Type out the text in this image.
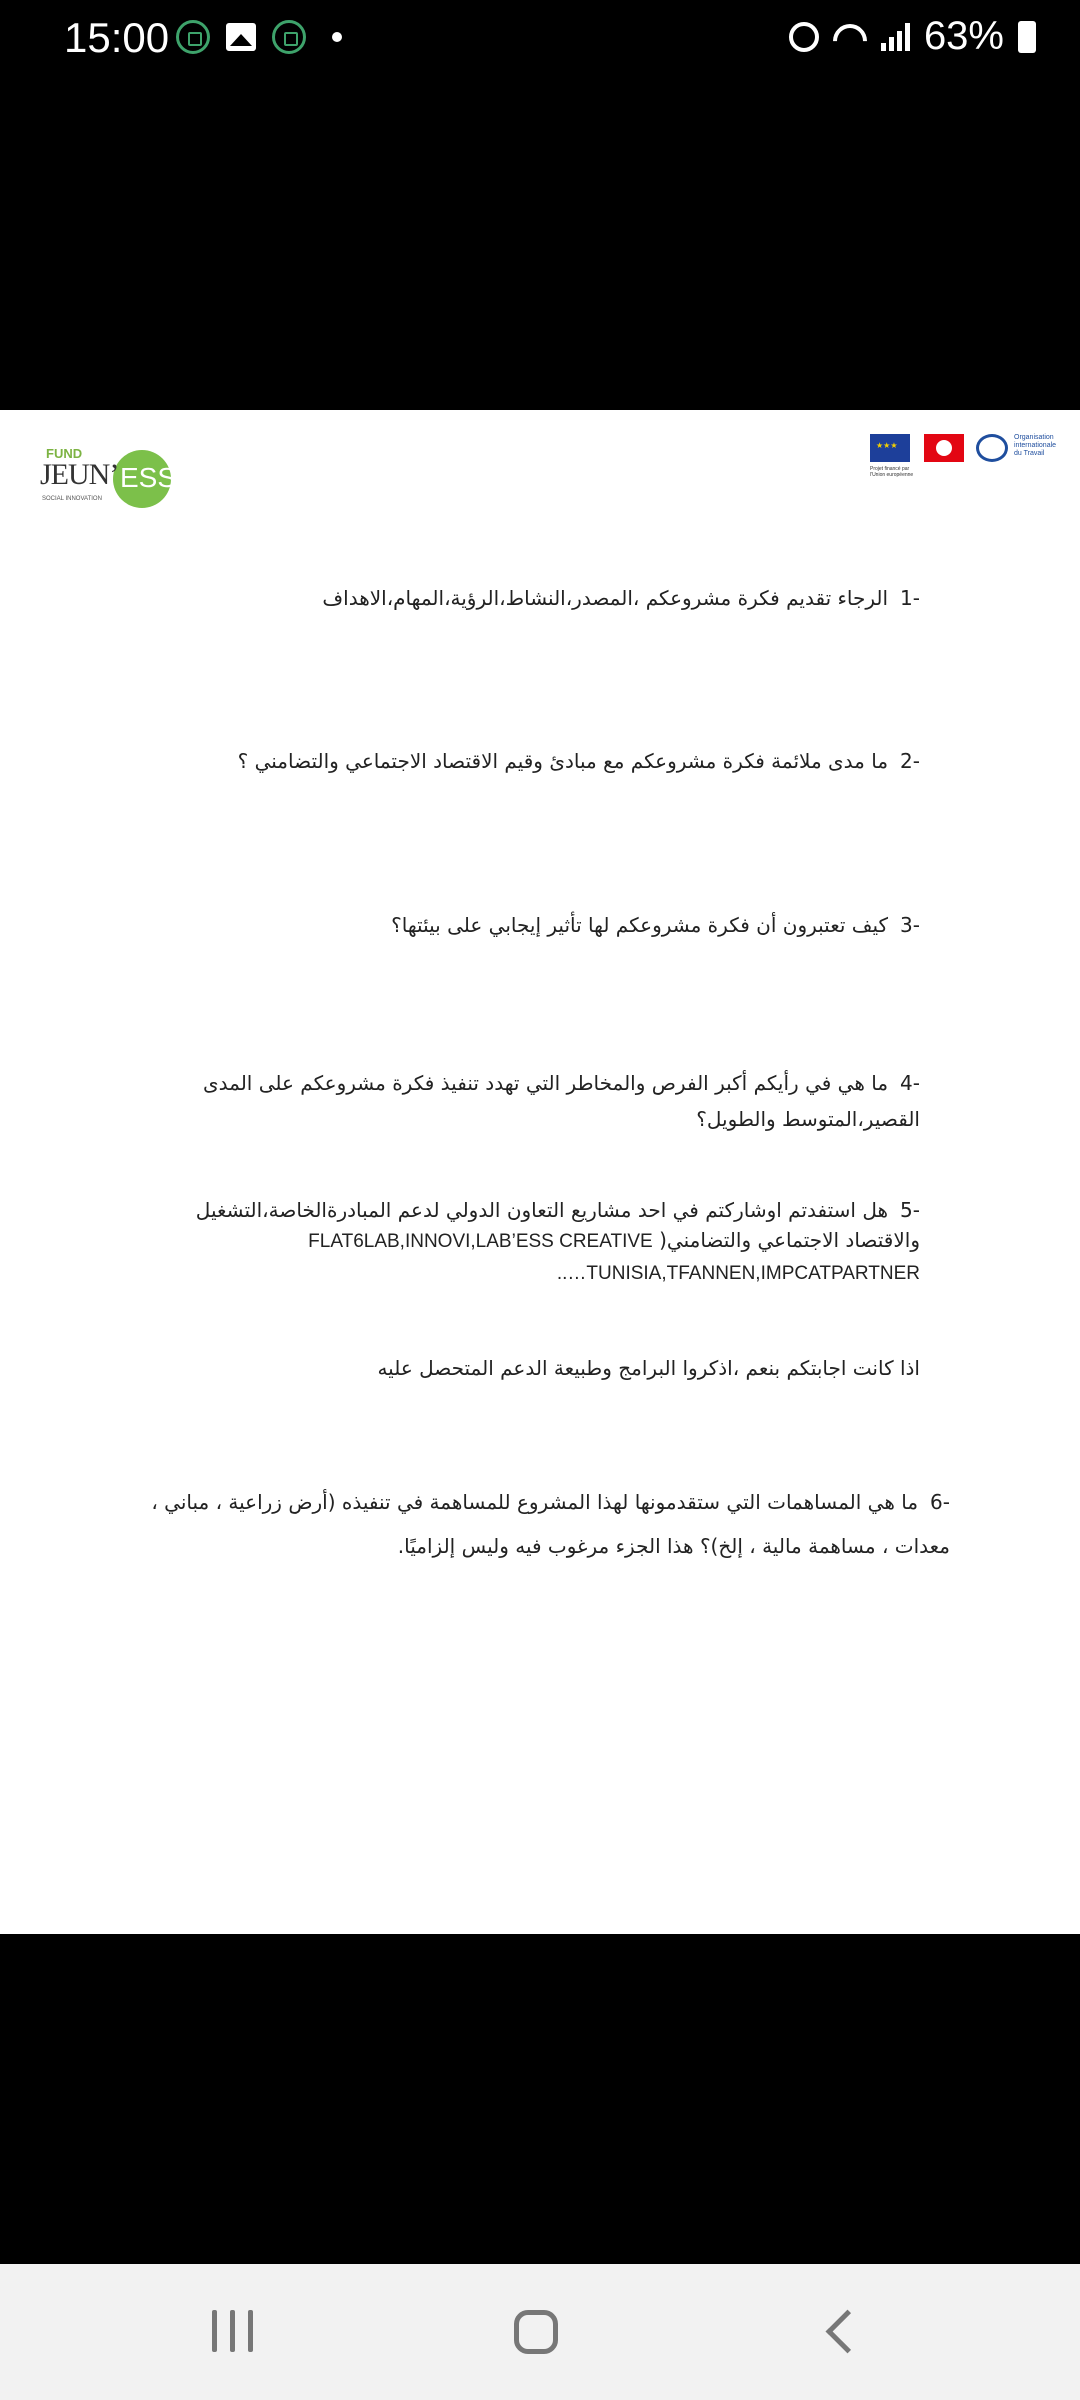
15:00	63%
FUND
JEUN’ ESS
SOCIAL INNOVATION
★★★
Projet financé par l'Union européenne
Organisation internationale du Travail
-1الرجاء تقديم فكرة مشروعكم ،المصدر،النشاط،الرؤية،المهام،الاهداف
-2ما مدى ملائمة فكرة مشروعكم مع مبادئ وقيم الاقتصاد الاجتماعي والتضامني ؟
-3كيف تعتبرون أن فكرة مشروعكم لها تأثير إيجابي على بيئتها؟
-4ما هي في رأيكم أكبر الفرص والمخاطر التي تهدد تنفيذ فكرة مشروعكم على المدى القصير،المتوسط والطويل؟
-5هل استفدتم اوشاركتم في احد مشاريع التعاون الدولي لدعم المبادرةالخاصة،التشغيل والاقتصاد الاجتماعي والتضامني( FLAT6LAB,INNOVI,LAB’ESS CREATIVE
TUNISIA,TFANNEN,IMPCATPARTNER…..
اذا كانت اجابتكم بنعم ،اذكروا البرامج وطبيعة الدعم المتحصل عليه
-6ما هي المساهمات التي ستقدمونها لهذا المشروع للمساهمة في تنفيذه (أرض زراعية ، مباني ، معدات ، مساهمة مالية ، إلخ)؟ هذا الجزء مرغوب فيه وليس إلزاميًا.
